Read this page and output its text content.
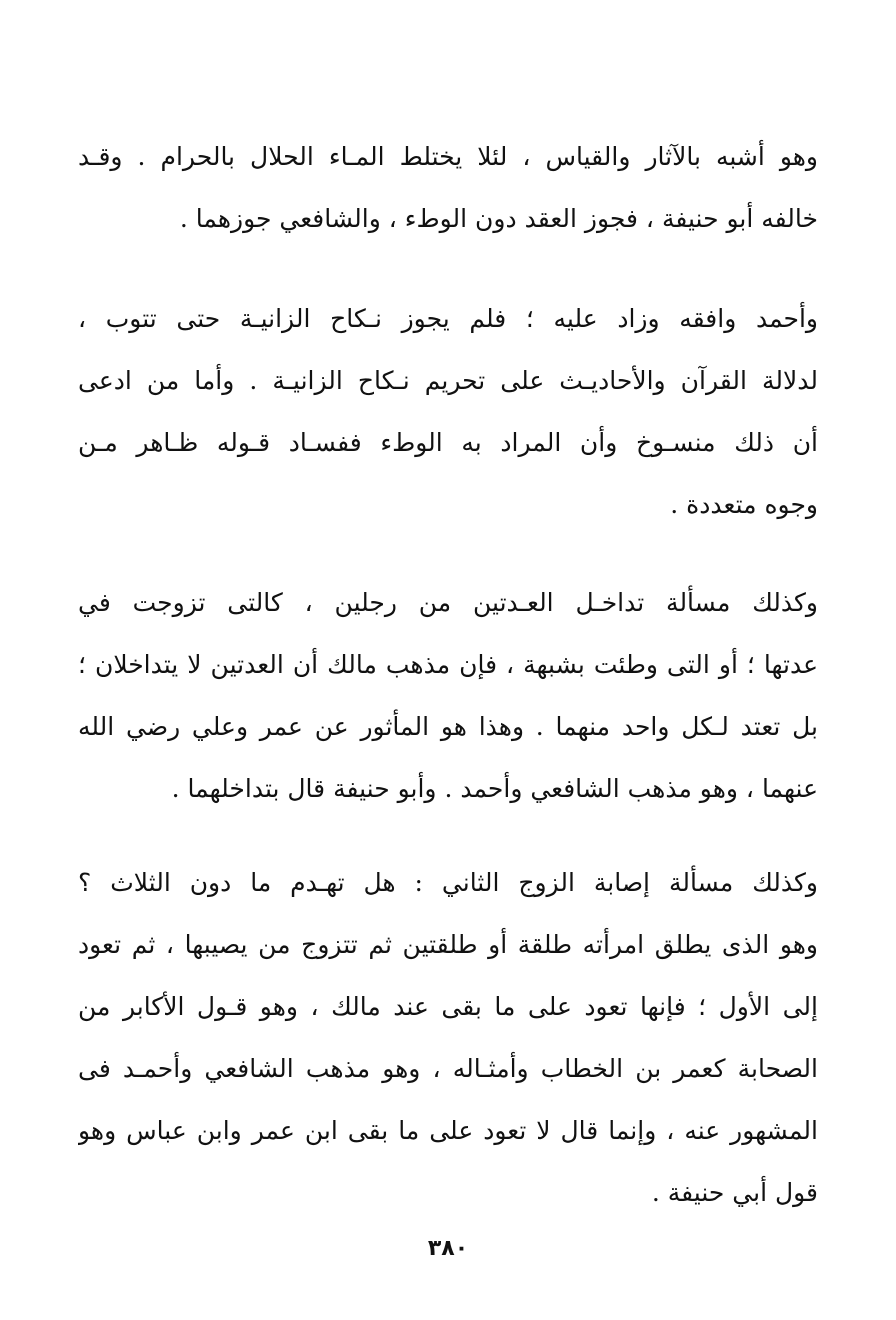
وهو أشبه بالآثار والقياس ، لئلا يختلط المـاء الحلال بالحرام . وقـد
خالفه أبو حنيفة ، فجوز العقد دون الوطء ، والشافعي جوزهما .

وأحمد وافقه وزاد عليه ؛ فلم يجوز نـكاح الزانيـة حتى تتوب ،
لدلالة القرآن والأحاديـث على تحريم نـكاح الزانيـة . وأما من ادعى
أن ذلك منسـوخ وأن المراد به الوطء ففسـاد قـوله ظـاهر مـن
وجوه متعددة .

وكذلك مسألة تداخـل العـدتين من رجلين ، كالتى تزوجت في
عدتها ؛ أو التى وطئت بشبهة ، فإن مذهب مالك أن العدتين لا يتداخلان ؛
بل تعتد لـكل واحد منهما . وهذا هو المأثور عن عمر وعلي رضي الله
عنهما ، وهو مذهب الشافعي وأحمد . وأبو حنيفة قال بتداخلهما .

وكذلك مسألة إصابة الزوج الثاني : هل تهـدم ما دون الثلاث ؟
وهو الذى يطلق امرأته طلقة أو طلقتين ثم تتزوج من يصيبها ، ثم تعود
إلى الأول ؛ فإنها تعود على ما بقى عند مالك ، وهو قـول الأكابر من
الصحابة كعمر بن الخطاب وأمثـاله ، وهو مذهب الشافعي وأحمـد فى
المشهور عنه ، وإنما قال لا تعود على ما بقى ابن عمر وابن عباس وهو
قول أبي حنيفة .

٣٨٠
